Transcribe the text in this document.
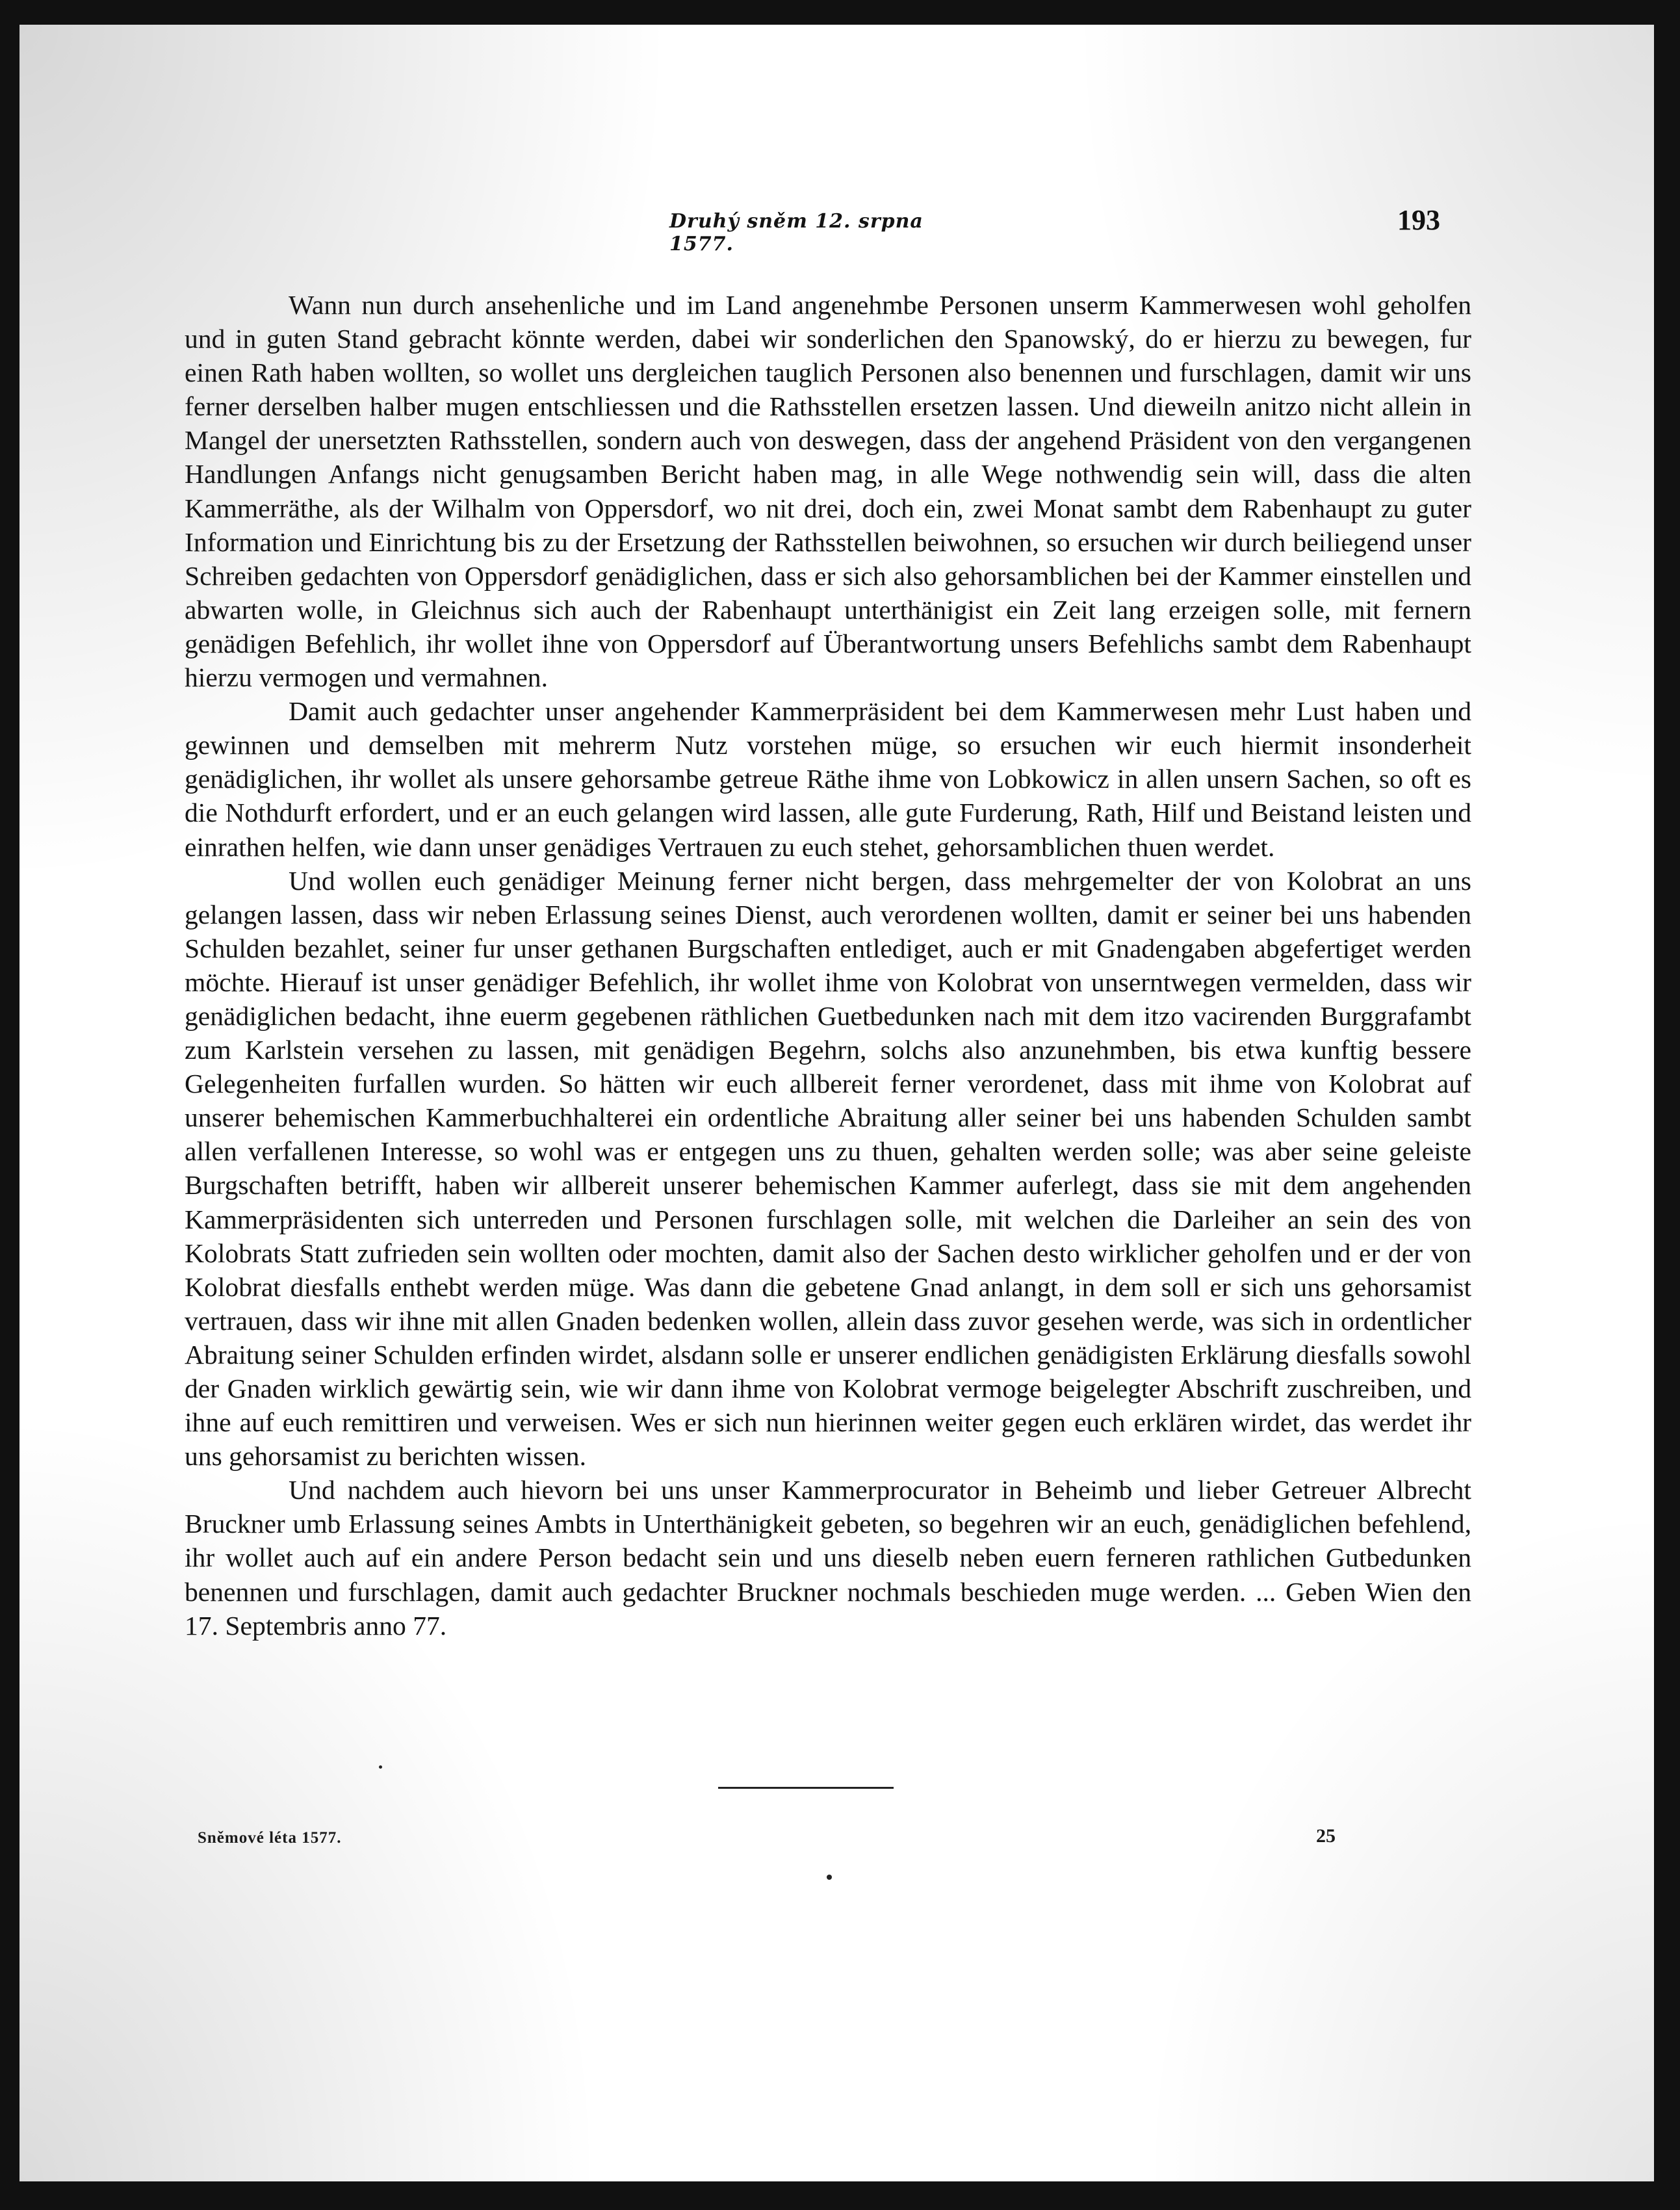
Druhý sněm 12. srpna 1577.
193

Wann nun durch ansehenliche und im Land angenehmbe Personen unserm Kammerwesen wohl geholfen und in guten Stand gebracht könnte werden, dabei wir sonderlichen den Spanowský, do er hierzu zu bewegen, fur einen Rath haben wollten, so wollet uns dergleichen tauglich Personen also benennen und furschlagen, damit wir uns ferner derselben halber mugen entschliessen und die Rathsstellen ersetzen lassen. Und dieweiln anitzo nicht allein in Mangel der unersetzten Rathsstellen, sondern auch von deswegen, dass der angehend Präsident von den vergangenen Handlungen Anfangs nicht genugsamben Bericht haben mag, in alle Wege nothwendig sein will, dass die alten Kammerräthe, als der Wilhalm von Oppersdorf, wo nit drei, doch ein, zwei Monat sambt dem Rabenhaupt zu guter Information und Einrichtung bis zu der Ersetzung der Rathsstellen beiwohnen, so ersuchen wir durch beiliegend unser Schreiben gedachten von Oppersdorf genädiglichen, dass er sich also gehorsamblichen bei der Kammer einstellen und abwarten wolle, in Gleichnus sich auch der Rabenhaupt unterthänigist ein Zeit lang erzeigen solle, mit fernern genädigen Befehlich, ihr wollet ihne von Oppersdorf auf Überantwortung unsers Befehlichs sambt dem Rabenhaupt hierzu vermogen und vermahnen.

Damit auch gedachter unser angehender Kammerpräsident bei dem Kammerwesen mehr Lust haben und gewinnen und demselben mit mehrerm Nutz vorstehen müge, so ersuchen wir euch hiermit insonderheit genädiglichen, ihr wollet als unsere gehorsambe getreue Räthe ihme von Lobkowicz in allen unsern Sachen, so oft es die Nothdurft erfordert, und er an euch gelangen wird lassen, alle gute Furderung, Rath, Hilf und Beistand leisten und einrathen helfen, wie dann unser genädiges Vertrauen zu euch stehet, gehorsamblichen thuen werdet.

Und wollen euch genädiger Meinung ferner nicht bergen, dass mehrgemelter der von Kolobrat an uns gelangen lassen, dass wir neben Erlassung seines Dienst, auch verordenen wollten, damit er seiner bei uns habenden Schulden bezahlet, seiner fur unser gethanen Burgschaften entlediget, auch er mit Gnadengaben abgefertiget werden möchte. Hierauf ist unser genädiger Befehlich, ihr wollet ihme von Kolobrat von unserntwegen vermelden, dass wir genädiglichen bedacht, ihne euerm gegebenen räthlichen Guetbedunken nach mit dem itzo vacirenden Burggrafambt zum Karlstein versehen zu lassen, mit genädigen Begehrn, solchs also anzunehmben, bis etwa kunftig bessere Gelegenheiten furfallen wurden. So hätten wir euch allbereit ferner verordenet, dass mit ihme von Kolobrat auf unserer behemischen Kammerbuchhalterei ein ordentliche Abraitung aller seiner bei uns habenden Schulden sambt allen verfallenen Interesse, so wohl was er entgegen uns zu thuen, gehalten werden solle; was aber seine geleiste Burgschaften betrifft, haben wir allbereit unserer behemischen Kammer auferlegt, dass sie mit dem angehenden Kammerpräsidenten sich unterreden und Personen furschlagen solle, mit welchen die Darleiher an sein des von Kolobrats Statt zufrieden sein wollten oder mochten, damit also der Sachen desto wirklicher geholfen und er der von Kolobrat diesfalls enthebt werden müge. Was dann die gebetene Gnad anlangt, in dem soll er sich uns gehorsamist vertrauen, dass wir ihne mit allen Gnaden bedenken wollen, allein dass zuvor gesehen werde, was sich in ordentlicher Abraitung seiner Schulden erfinden wirdet, alsdann solle er unserer endlichen genädigisten Erklärung diesfalls sowohl der Gnaden wirklich gewärtig sein, wie wir dann ihme von Kolobrat vermoge beigelegter Abschrift zuschreiben, und ihne auf euch remittiren und verweisen. Wes er sich nun hierinnen weiter gegen euch erklären wirdet, das werdet ihr uns gehorsamist zu berichten wissen.

Und nachdem auch hievorn bei uns unser Kammerprocurator in Beheimb und lieber Getreuer Albrecht Bruckner umb Erlassung seines Ambts in Unterthänigkeit gebeten, so begehren wir an euch, genädiglichen befehlend, ihr wollet auch auf ein andere Person bedacht sein und uns dieselb neben euern ferneren rathlichen Gutbedunken benennen und furschlagen, damit auch gedachter Bruckner nochmals beschieden muge werden. ... Geben Wien den 17. Septembris anno 77.

Sněmové léta 1577.	25
